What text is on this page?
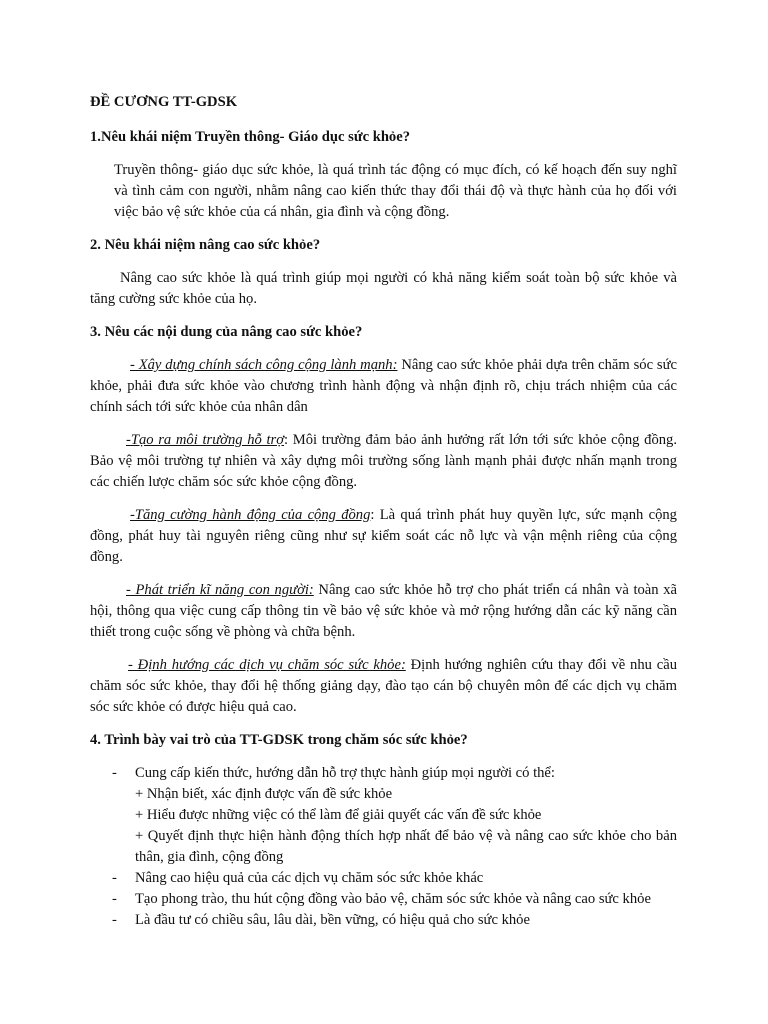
ĐỀ CƯƠNG TT-GDSK

1.Nêu khái niệm Truyền thông- Giáo dục sức khỏe?

Truyền thông- giáo dục sức khỏe, là quá trình tác động có mục đích, có kế hoạch đến suy nghĩ và tình cảm con người, nhằm nâng cao kiến thức thay đổi thái độ và thực hành của họ đối với việc bảo vệ sức khỏe của cá nhân, gia đình và cộng đồng.

2. Nêu khái niệm nâng cao sức khỏe?

Nâng cao sức khỏe là quá trình giúp mọi người có khả năng kiểm soát toàn bộ sức khỏe và tăng cường sức khỏe của họ.

3. Nêu các nội dung của nâng cao sức khỏe?

- Xây dựng chính sách công cộng lành mạnh: Nâng cao sức khỏe phải dựa trên chăm sóc sức khỏe, phải đưa sức khỏe vào chương trình hành động và nhận định rõ, chịu trách nhiệm của các chính sách tới sức khỏe của nhân dân

-Tạo ra môi trường hỗ trợ: Môi trường đảm bảo ảnh hưởng rất lớn tới sức khỏe cộng đồng. Bảo vệ môi trường tự nhiên và xây dựng môi trường sống lành mạnh phải được nhấn mạnh trong các chiến lược chăm sóc sức khỏe cộng đồng.

-Tăng cường hành động của cộng đồng: Là quá trình phát huy quyền lực, sức mạnh cộng đồng, phát huy tài nguyên riêng cũng như sự kiểm soát các nỗ lực và vận mệnh riêng của cộng đồng.

- Phát triển kĩ năng con người: Nâng cao sức khỏe hỗ trợ cho phát triển cá nhân và toàn xã hội, thông qua việc cung cấp thông tin về bảo vệ sức khỏe và mở rộng hướng dẫn các kỹ năng cần thiết trong cuộc sống về phòng và chữa bệnh.

- Định hướng các dịch vụ chăm sóc sức khỏe: Định hướng nghiên cứu thay đổi về nhu cầu chăm sóc sức khỏe, thay đổi hệ thống giảng dạy, đào tạo cán bộ chuyên môn để các dịch vụ chăm sóc sức khỏe có được hiệu quả cao.

4. Trình bày vai trò của TT-GDSK trong chăm sóc sức khỏe?

- Cung cấp kiến thức, hướng dẫn hỗ trợ thực hành giúp mọi người có thể:
+ Nhận biết, xác định được vấn đề sức khỏe
+ Hiểu được những việc có thể làm để giải quyết các vấn đề sức khỏe
+ Quyết định thực hiện hành động thích hợp nhất để bảo vệ và nâng cao sức khỏe cho bản thân, gia đình, cộng đồng
- Nâng cao hiệu quả của các dịch vụ chăm sóc sức khỏe khác
- Tạo phong trào, thu hút cộng đồng vào bảo vệ, chăm sóc sức khỏe và nâng cao sức khỏe
- Là đầu tư có chiều sâu, lâu dài, bền vững, có hiệu quả cho sức khỏe
